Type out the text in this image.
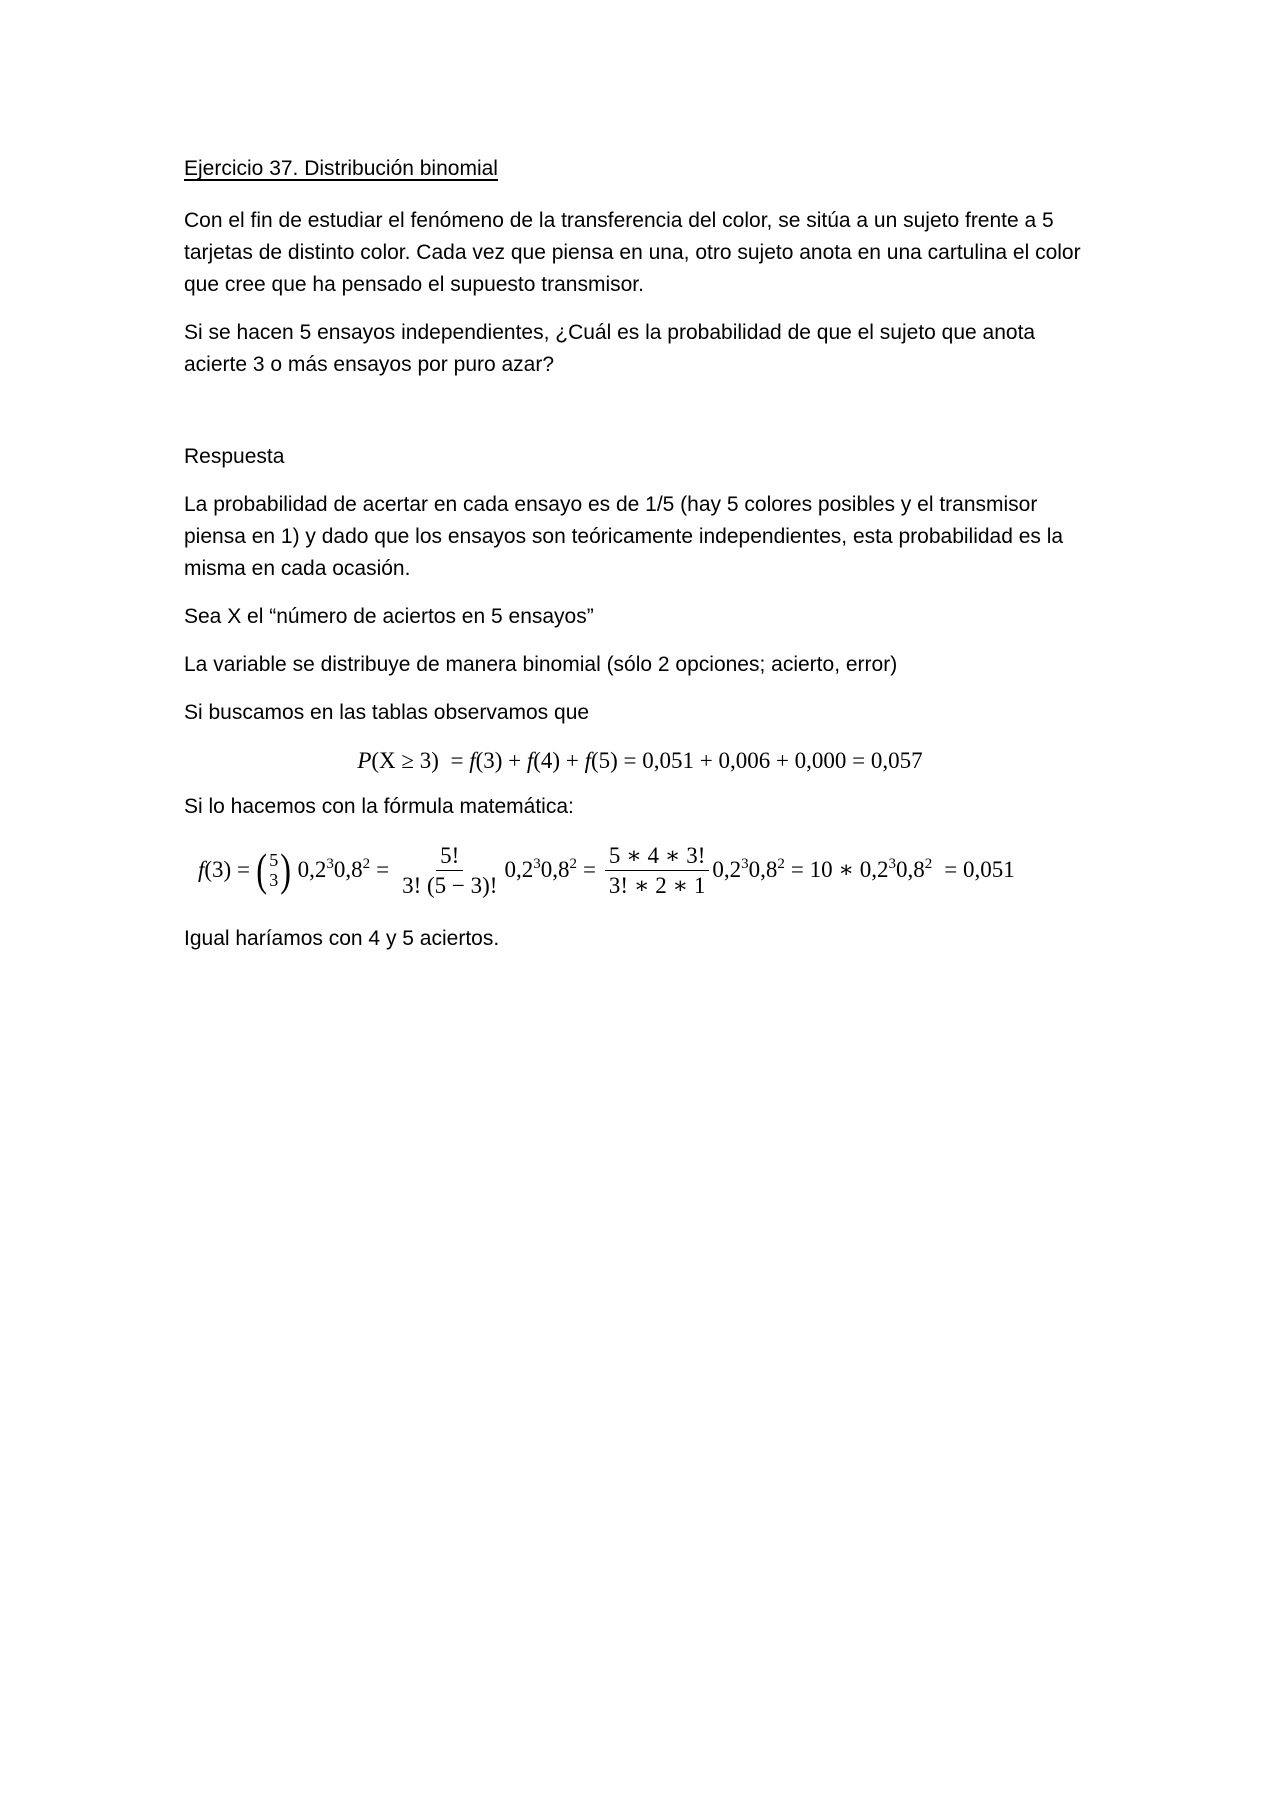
Ejercicio 37. Distribución binomial

Con el fin de estudiar el fenómeno de la transferencia del color, se sitúa a un sujeto frente a 5 tarjetas de distinto color. Cada vez que piensa en una, otro sujeto anota en una cartulina el color que cree que ha pensado el supuesto transmisor.

Si se hacen 5 ensayos independientes, ¿Cuál es la probabilidad de que el sujeto que anota acierte 3 o más ensayos por puro azar?

Respuesta

La probabilidad de acertar en cada ensayo es de 1/5 (hay 5 colores posibles y el transmisor piensa en 1) y dado que los ensayos son teóricamente independientes, esta probabilidad es la misma en cada ocasión.

Sea X el “número de aciertos en 5 ensayos”

La variable se distribuye de manera binomial (sólo 2 opciones; acierto, error)

Si buscamos en las tablas observamos que

P(X ≥ 3)  = f(3) + f(4) + f(5) = 0,051 + 0,006 + 0,000 = 0,057

Si lo hacemos con la fórmula matemática:

f (3) = ( 5
3 ) $0,2^30,8^2 = \frac{5!}{3! (5 - 3)!} 0,2^30,8^2 = \frac{5 ∗ 4 ∗ 3!}{3! ∗ 2 ∗ 1} 0,2^30,8^2 = 10$ ∗ $0,2^30,8^2 = 0,051$

Igual haríamos con 4 y 5 aciertos.
